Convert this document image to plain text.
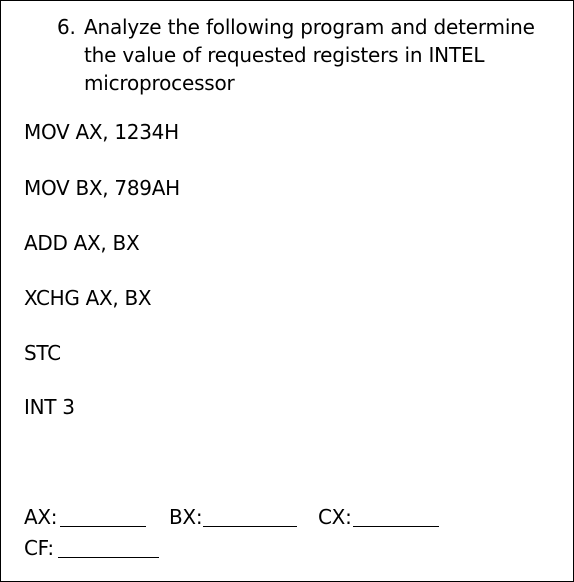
6. Analyze the following program and determine the value of requested registers in INTEL microprocessor
MOV AX, 1234H
MOV BX, 789AH
ADD AX, BX
XCHG AX, BX
STC
INT 3
AX:	BX:	CX:
CF:
